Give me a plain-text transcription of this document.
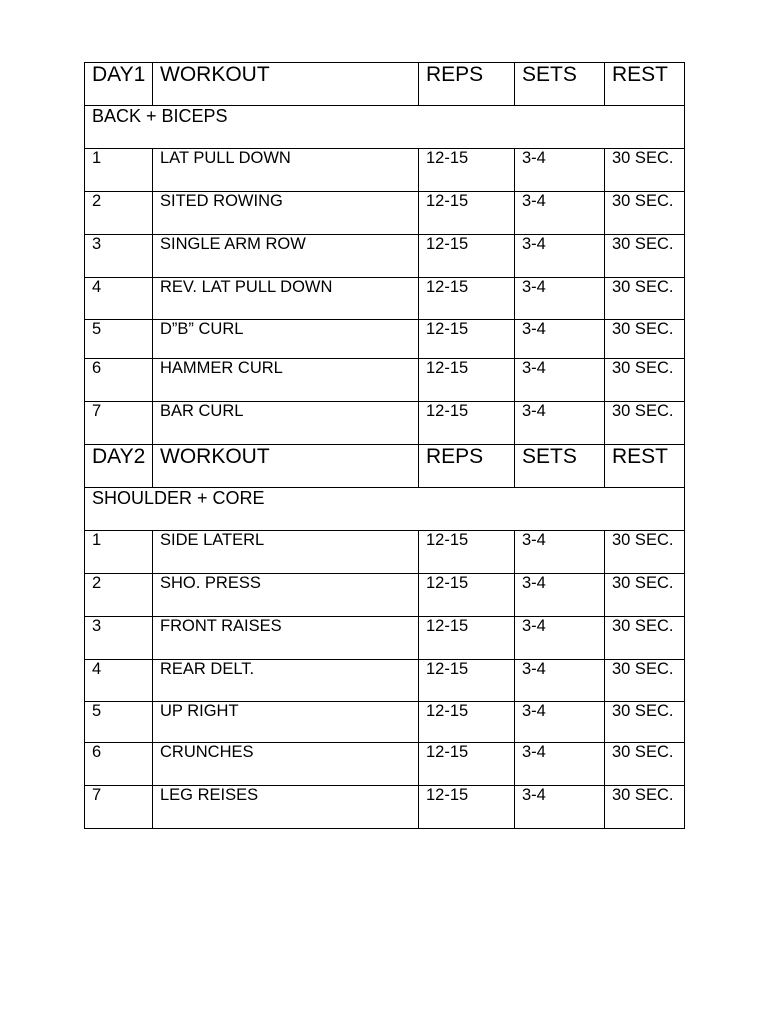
DAY1	WORKOUT	REPS	SETS	REST
BACK + BICEPS				
1	LAT PULL DOWN	12-15	3-4	30 SEC.
2	SITED ROWING	12-15	3-4	30 SEC.
3	SINGLE ARM ROW	12-15	3-4	30 SEC.
4	REV. LAT PULL DOWN	12-15	3-4	30 SEC.
5	D”B” CURL	12-15	3-4	30 SEC.
6	HAMMER CURL	12-15	3-4	30 SEC.
7	BAR CURL	12-15	3-4	30 SEC.
DAY2	WORKOUT	REPS	SETS	REST
SHOULDER + CORE				
1	SIDE LATERL	12-15	3-4	30 SEC.
2	SHO. PRESS	12-15	3-4	30 SEC.
3	FRONT RAISES	12-15	3-4	30 SEC.
4	REAR DELT.	12-15	3-4	30 SEC.
5	UP RIGHT	12-15	3-4	30 SEC.
6	CRUNCHES	12-15	3-4	30 SEC.
7	LEG REISES	12-15	3-4	30 SEC.
